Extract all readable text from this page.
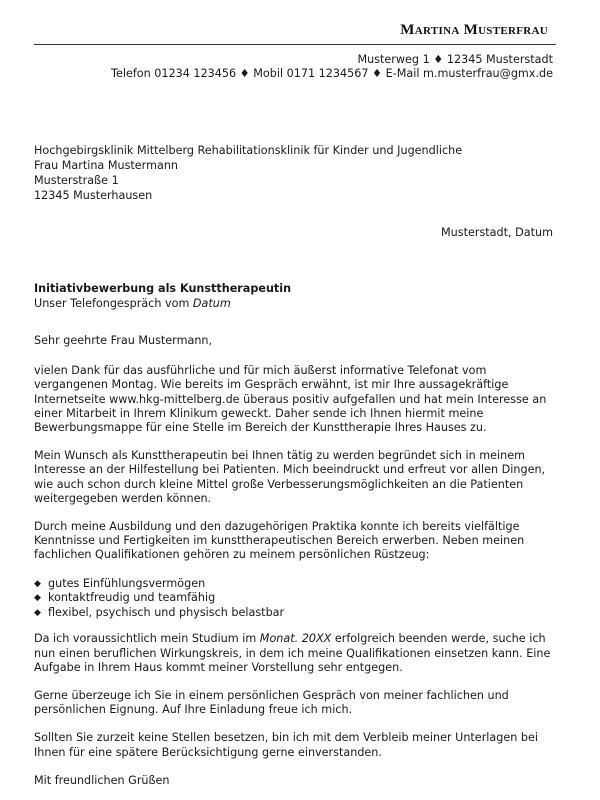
Martina Musterfrau
Musterweg 1 ♦ 12345 Musterstadt
Telefon 01234 123456 ♦ Mobil 0171 1234567 ♦ E-Mail m.musterfrau@gmx.de
Hochgebirgsklinik Mittelberg Rehabilitationsklinik für Kinder und Jugendliche
Frau Martina Mustermann
Musterstraße 1
12345 Musterhausen
Musterstadt, Datum
Initiativbewerbung als Kunsttherapeutin
Unser Telefongespräch vom Datum

Sehr geehrte Frau Mustermann,

vielen Dank für das ausführliche und für mich äußerst informative Telefonat vom vergangenen Montag. Wie bereits im Gespräch erwähnt, ist mir Ihre aussagekräftige Internetseite www.hkg-mittelberg.de überaus positiv aufgefallen und hat mein Interesse an einer Mitarbeit in Ihrem Klinikum geweckt. Daher sende ich Ihnen hiermit meine Bewerbungsmappe für eine Stelle im Bereich der Kunsttherapie Ihres Hauses zu.

Mein Wunsch als Kunsttherapeutin bei Ihnen tätig zu werden begründet sich in meinem Interesse an der Hilfestellung bei Patienten. Mich beeindruckt und erfreut vor allen Dingen, wie auch schon durch kleine Mittel große Verbesserungsmöglichkeiten an die Patienten weitergegeben werden können.

Durch meine Ausbildung und den dazugehörigen Praktika konnte ich bereits vielfältige Kenntnisse und Fertigkeiten im kunsttherapeutischen Bereich erwerben. Neben meinen fachlichen Qualifikationen gehören zu meinem persönlichen Rüstzeug:

◆ gutes Einfühlungsvermögen
◆ kontaktfreudig und teamfähig
◆ flexibel, psychisch und physisch belastbar

Da ich voraussichtlich mein Studium im Monat. 20XX erfolgreich beenden werde, suche ich nun einen beruflichen Wirkungskreis, in dem ich meine Qualifikationen einsetzen kann. Eine Aufgabe in Ihrem Haus kommt meiner Vorstellung sehr entgegen.

Gerne überzeuge ich Sie in einem persönlichen Gespräch von meiner fachlichen und persönlichen Eignung. Auf Ihre Einladung freue ich mich.

Sollten Sie zurzeit keine Stellen besetzen, bin ich mit dem Verbleib meiner Unterlagen bei Ihnen für eine spätere Berücksichtigung gerne einverstanden.

Mit freundlichen Grüßen
